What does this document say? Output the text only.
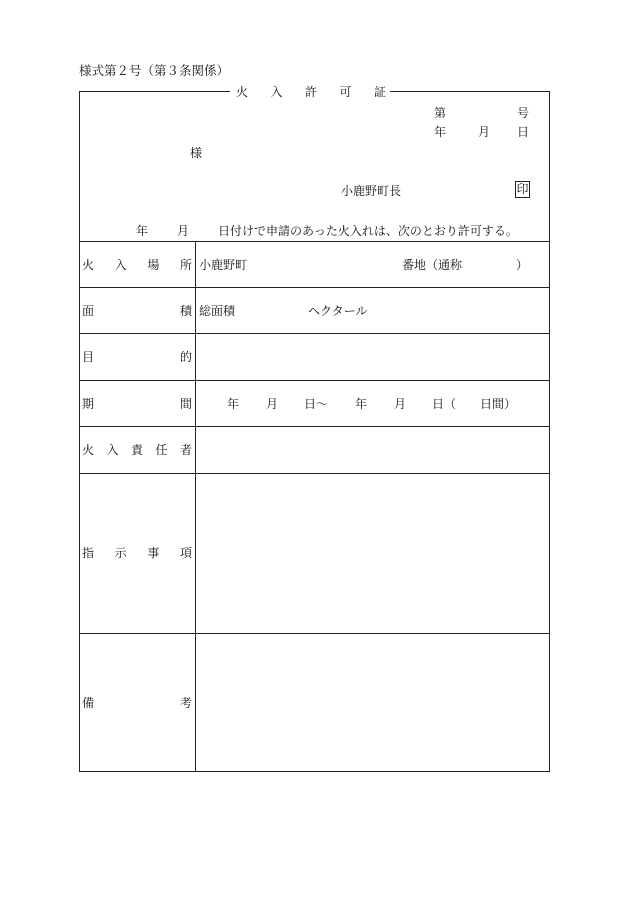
様式第２号（第３条関係）
火 入 許 可 証
第	号
年	月 日
様
小鹿野町長	印
年 月 日付けで申請のあった火入れは、次のとおり許可する。
火 入 場 所 小鹿野町	番地（通称	）
面	積 総面積	ヘクタール
目	的
期	間	年 月 日〜 年 月 日（ 日間）
火 入 責 任 者
指 示 事 項
備	考
